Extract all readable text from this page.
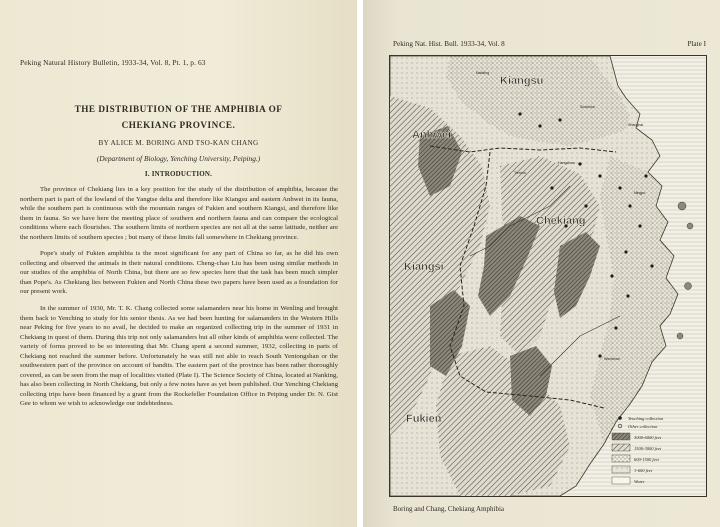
Peking Natural History Bulletin, 1933-34, Vol. 8, Pt. 1, p. 63
THE DISTRIBUTION OF THE AMPHIBIA OF
CHEKIANG PROVINCE.
BY ALICE M. BORING AND TSO-KAN CHANG
(Department of Biology, Yenching University, Peiping.)
I. INTRODUCTION.

The province of Chekiang lies in a key position for the study of the distribution of amphibia, because the northern part is part of the lowland of the Yangtse delta and therefore like Kiangsu and eastern Anhwei in its fauna, while the southern part is continuous with the mountain ranges of Fukien and southern Kiangsi, and therefore like them in fauna. So we have here the meeting place of southern and northern fauna and can compare the ecological conditions where each flourishes. The southern limits of northern species are not all at the same latitude, neither are the northern limits of southern species ; but many of these limits fall somewhere in Chekiang province.

Pope's study of Fukien amphibia is the most significant for any part of China so far, as he did his own collecting and observed the animals in their natural conditions. Cheng-chao Liu has been using similar methods in our studies of the amphibia of North China, but there are so few species here that the task has been much simpler than Pope's. As Chekiang lies between Fukien and North China these two papers have been used as a foundation for our present work.

In the summer of 1930, Mr. T. K. Chang collected some salamanders near his home in Wenling and brought them back to Yenching to study for his senior thesis. As we had been hunting for salamanders in the Western Hills near Peking for five years to no avail, he decided to make an organized collecting trip in the summer of 1931 in Chekiang in quest of them. During this trip not only salamanders but all other kinds of amphibia were collected. The variety of forms proved to be so interesting that Mr. Chang spent a second summer, 1932, collecting in parts of Chekiang not reached the summer before. Unfortunately he was still not able to reach South Yentongshan or the southwestern part of the province on account of bandits. The eastern part of the province has been rather thoroughly covered, as can be seen from the map of localities visited (Plate I). The Science Society of China, located at Nanking, has also been collecting in North Chekiang, but only a few notes have as yet been published. Our Yenching Chekiang collecting trips have been financed by a grant from the Rockefeller Foundation Office in Peiping under Dr. N. Gist Gee to whom we wish to acknowledge our indebtedness.

Peking Nat. Hist. Bull. 1933-34, Vol. 8	Plate I
Kiangsu
Anhwei
Chekiang
Kiangsi
Fukien
Nanking
Soochow
Shanghai
Hangchow
Ningpo
Tienmu
Wenchow
Yenching collection
Other collection
3000-6000 feet
1500-3000 feet
600-1500 feet
1-600 feet
Water
Boring and Chang, Chekiang Amphibia
